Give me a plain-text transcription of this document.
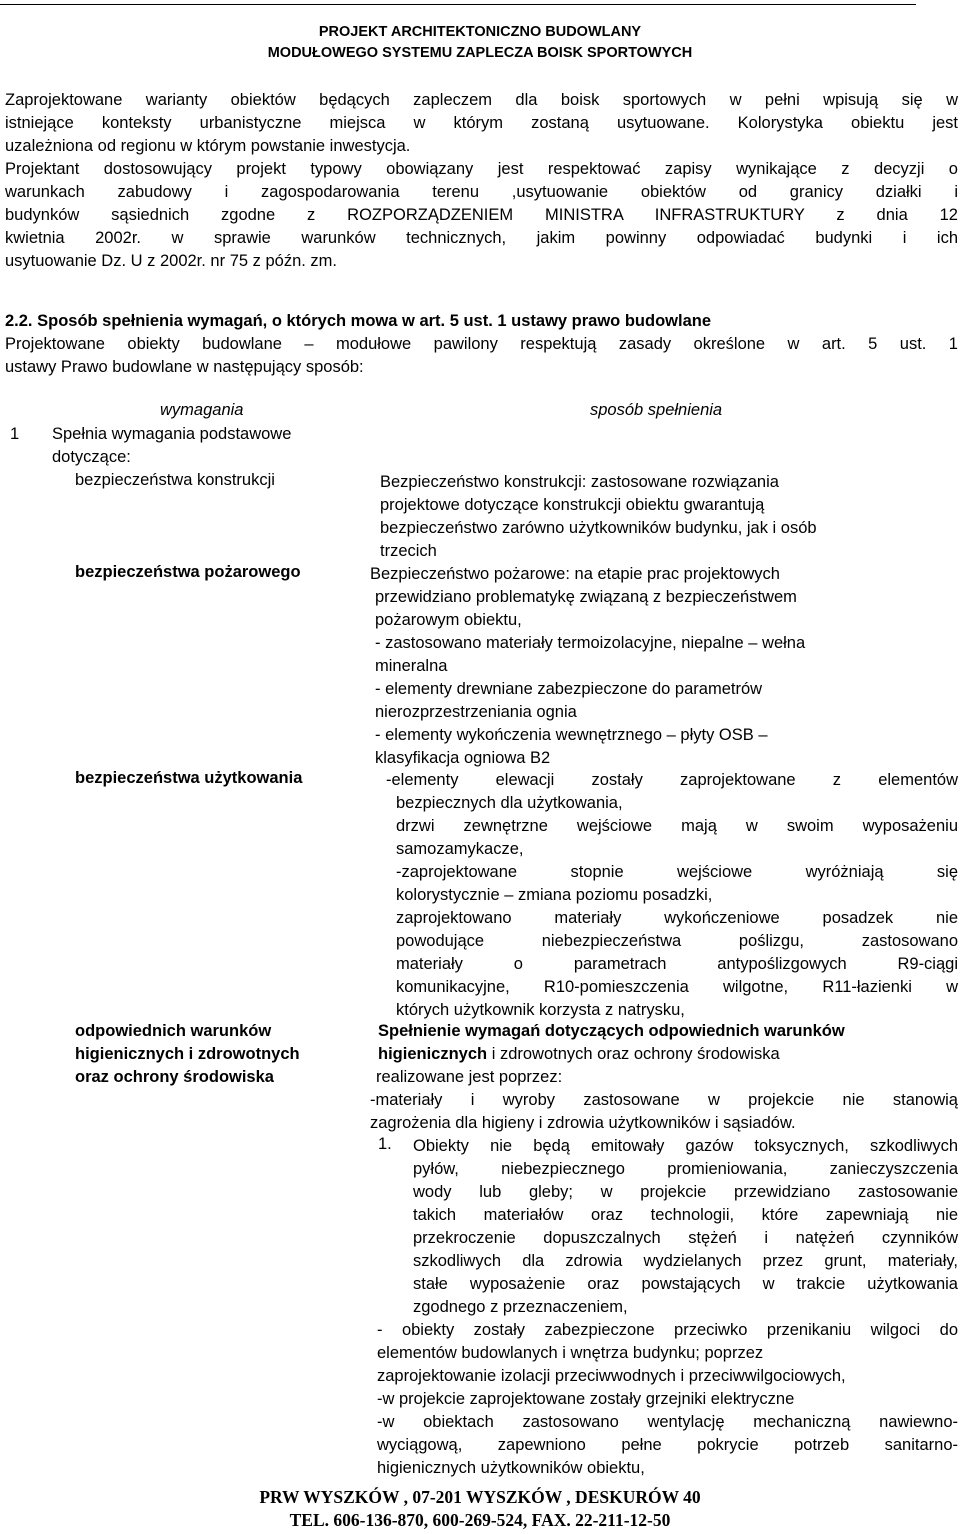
PROJEKT ARCHITEKTONICZNO BUDOWLANY
MODUŁOWEGO SYSTEMU ZAPLECZA BOISK SPORTOWYCH
Zaprojektowane warianty obiektów będących zapleczem dla boisk sportowych w pełni wpisują się w
istniejące konteksty urbanistyczne miejsca w którym zostaną usytuowane. Kolorystyka obiektu jest
uzależniona od regionu w którym powstanie inwestycja.
Projektant dostosowujący projekt typowy obowiązany jest respektować zapisy wynikające z decyzji o
warunkach zabudowy i zagospodarowania terenu ,usytuowanie obiektów od granicy działki i
budynków sąsiednich zgodne z ROZPORZĄDZENIEM MINISTRA INFRASTRUKTURY z dnia 12
kwietnia 2002r. w sprawie warunków technicznych, jakim powinny odpowiadać budynki i ich
usytuowanie Dz. U z 2002r. nr 75 z późn. zm.
2.2. Sposób spełnienia wymagań, o których mowa w art. 5 ust. 1 ustawy prawo budowlane
Projektowane obiekty budowlane – modułowe pawilony respektują zasady określone w art. 5 ust. 1
ustawy Prawo budowlane w następujący sposób:
wymagania	sposób spełnienia
1 Spełnia wymagania podstawowe
dotyczące:
bezpieczeństwa konstrukcji
bezpieczeństwa pożarowego
bezpieczeństwa użytkowania
odpowiednich warunków
higienicznych i zdrowotnych
oraz ochrony środowiska
Bezpieczeństwo konstrukcji: zastosowane rozwiązania
projektowe dotyczące konstrukcji obiektu gwarantują
bezpieczeństwo zarówno użytkowników budynku, jak i osób
trzecich
Bezpieczeństwo pożarowe: na etapie prac projektowych
przewidziano problematykę związaną z bezpieczeństwem
pożarowym obiektu,
- zastosowano materiały termoizolacyjne, niepalne – wełna
mineralna
- elementy drewniane zabezpieczone do parametrów
nierozprzestrzeniania ognia
- elementy wykończenia wewnętrznego – płyty OSB –
klasyfikacja ogniowa B2
-elementy elewacji zostały zaprojektowane z elementów
bezpiecznych dla użytkowania,
drzwi zewnętrzne wejściowe mają w swoim wyposażeniu
samozamykacze,
-zaprojektowane stopnie wejściowe wyróżniają się
kolorystycznie – zmiana poziomu posadzki,
zaprojektowano materiały wykończeniowe posadzek nie
powodujące niebezpieczeństwa poślizgu, zastosowano
materiały o parametrach antypoślizgowych R9-ciągi
komunikacyjne, R10-pomieszczenia wilgotne, R11-łazienki w
których użytkownik korzysta z natrysku,
Spełnienie wymagań dotyczących odpowiednich warunków
higienicznych i zdrowotnych oraz ochrony środowiska
realizowane jest poprzez:
-materiały i wyroby zastosowane w projekcie nie stanowią
zagrożenia dla higieny i zdrowia użytkowników i sąsiadów.
1. Obiekty nie będą emitowały gazów toksycznych, szkodliwych
pyłów, niebezpiecznego promieniowania, zanieczyszczenia
wody lub gleby; w projekcie przewidziano zastosowanie
takich materiałów oraz technologii, które zapewniają nie
przekroczenie dopuszczalnych stężeń i natężeń czynników
szkodliwych dla zdrowia wydzielanych przez grunt, materiały,
stałe wyposażenie oraz powstających w trakcie użytkowania
zgodnego z przeznaczeniem,
- obiekty zostały zabezpieczone przeciwko przenikaniu wilgoci do
elementów budowlanych i wnętrza budynku; poprzez
zaprojektowanie izolacji przeciwwodnych i przeciwwilgociowych,
-w projekcie zaprojektowane zostały grzejniki elektryczne
-w obiektach zastosowano wentylację mechaniczną nawiewno-
wyciągową, zapewniono pełne pokrycie potrzeb sanitarno-
higienicznych użytkowników obiektu,
PRW WYSZKÓW , 07-201 WYSZKÓW , DESKURÓW 40
TEL. 606-136-870, 600-269-524, FAX. 22-211-12-50
